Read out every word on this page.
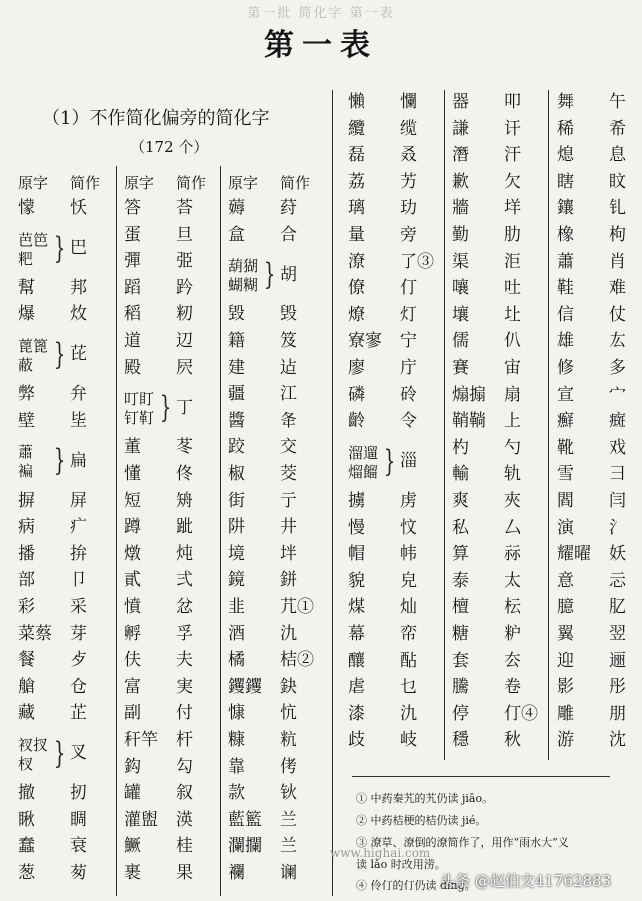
第一批 简化字 第一表
第一表
（1）不作简化偏旁的简化字
（172 个）
原字 简作 原字 简作 原字 简作
懞 㤇
芭笆
粑 } 巴
幫 邦
爆 炇
蓖篦
蔽 } 芘
弊 弁
壁 坒
蕭
褊 } 扁
摒 屏
病 疒
播 拚
部 卩
彩 采
菜蔡 芽
餐 歺
艙 仓
藏 芷
衩扠
杈 } 叉
撤 扨
瞅 睭
蠢 衰
葱 茐
答 荅
蛋 旦
彈 弫
蹈 趻
稻 籾
道 辺
殿 屄
叮盯
钉靪 } 丁
董 苳
懂 佟
短 矪
蹲 跐
燉 炖
貳 弍
憤 忿
孵 孚
伕 夫
富 実
副 付
秆竿 杆
鈎 勾
罐 叙
灌盥 渶
鱖 桂
裹 果
薅 荮
盒 合
葫猢
蝴糊 } 胡
毀 毁
籍 笈
建 迠
疆 江
醬 夅
跤 交
椒 茭
街 亍
阱 井
境 坢
鏡 鉼
韭 芁①
酒 氿
橘 桔②
钁钁 鈌
慷 忼
糠 粇
靠 侤
款 钬
藍籃 兰
瀾攔 兰
襴 谰
懶 㦨
纜 缆
磊 叒
荔 艻
璃 玏
量 旁
潦 了③
僚 仃
燎 灯
寮寥 宁
廖 庁
磷 砱
齡 令
溜遛
熘餾 } 淄
擄 虏
慢 忟
帽 帏
貌 皃
煤 灿
幕 帟
釀 酟
虐 乜
漆 氿
歧 岐
器 叩
謙 讦
潛 汗
歉 欠
牆 垟
勤 肋
渠 洰
嚷 吐
壤 圵
儒 仈
賽 宙
煽搧 扇
鞘鞝 上
杓 勺
輸 轨
爽 夾
私 厶
算 祘
泰 太
檀 枟
糖 粐
套 厺
騰 卷
停 仃④
穩 秋
舞 午
稀 希
熄 息
瞎 盿
鑲 钆
橡 枸
蕭 肖
鞋 难
信 仗
雄 厷
修 多
宣 宀
癬 癍
靴 戏
雪 彐
閻 闫
演 氵
耀曜 妖
意 忈
臆 肊
翼 翌
迎 逦
影 彤
雕 朋
游 沈
① 中药秦艽的艽仍读 jiāo。
② 中药桔梗的桔仍读 jié。
③ 潦草、潦倒的潦简作了，用作“雨水大”义
读 lǎo 时改用涝。
④ 伶仃的仃仍读 dīng。
www.highai.com
头条 @赵伯文41762883
